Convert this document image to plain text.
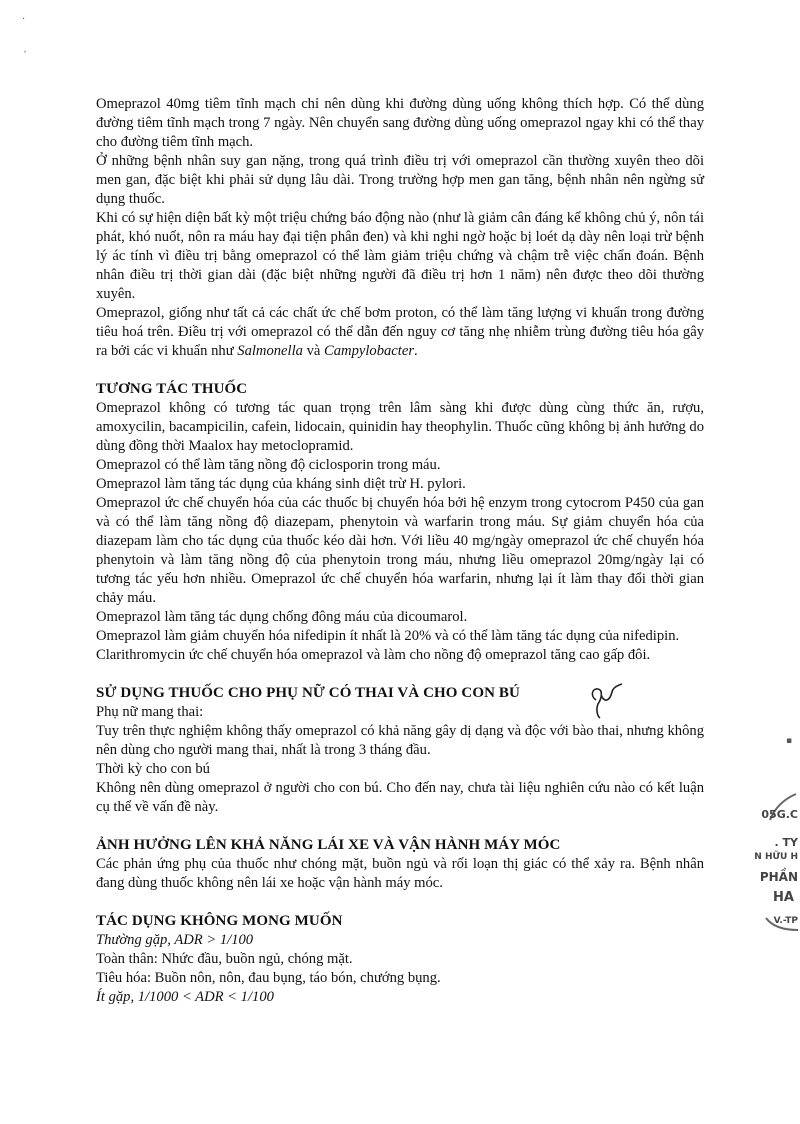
·
ˏ

Omeprazol 40mg tiêm tĩnh mạch chỉ nên dùng khi đường dùng uống không thích hợp. Có thể dùng đường tiêm tĩnh mạch trong 7 ngày. Nên chuyển sang đường dùng uống omeprazol ngay khi có thể thay cho đường tiêm tĩnh mạch.

Ở những bệnh nhân suy gan nặng, trong quá trình điều trị với omeprazol cần thường xuyên theo dõi men gan, đặc biệt khi phải sử dụng lâu dài. Trong trường hợp men gan tăng, bệnh nhân nên ngừng sử dụng thuốc.

Khi có sự hiện diện bất kỳ một triệu chứng báo động nào (như là giảm cân đáng kể không chủ ý, nôn tái phát, khó nuốt, nôn ra máu hay đại tiện phân đen) và khi nghi ngờ hoặc bị loét dạ dày nên loại trừ bệnh lý ác tính vì điều trị bằng omeprazol có thể làm giảm triệu chứng và chậm trễ việc chẩn đoán. Bệnh nhân điều trị thời gian dài (đặc biệt những người đã điều trị hơn 1 năm) nên được theo dõi thường xuyên.

Omeprazol, giống như tất cả các chất ức chế bơm proton, có thể làm tăng lượng vi khuẩn trong đường tiêu hoá trên. Điều trị với omeprazol có thể dẫn đến nguy cơ tăng nhẹ nhiễm trùng đường tiêu hóa gây ra bởi các vi khuẩn như Salmonella và Campylobacter.

TƯƠNG TÁC THUỐC

Omeprazol không có tương tác quan trọng trên lâm sàng khi được dùng cùng thức ăn, rượu, amoxycilin, bacampicilin, cafein, lidocain, quinidin hay theophylin. Thuốc cũng không bị ảnh hưởng do dùng đồng thời Maalox hay metoclopramid.

Omeprazol có thể làm tăng nồng độ ciclosporin trong máu.

Omeprazol làm tăng tác dụng của kháng sinh diệt trừ H. pylori.

Omeprazol ức chế chuyển hóa của các thuốc bị chuyển hóa bởi hệ enzym trong cytocrom P450 của gan và có thể làm tăng nồng độ diazepam, phenytoin và warfarin trong máu. Sự giảm chuyển hóa của diazepam làm cho tác dụng của thuốc kéo dài hơn. Với liều 40 mg/ngày omeprazol ức chế chuyển hóa phenytoin và làm tăng nồng độ của phenytoin trong máu, nhưng liều omeprazol 20mg/ngày lại có tương tác yếu hơn nhiều. Omeprazol ức chế chuyển hóa warfarin, nhưng lại ít làm thay đổi thời gian chảy máu.

Omeprazol làm tăng tác dụng chống đông máu của dicoumarol.

Omeprazol làm giảm chuyển hóa nifedipin ít nhất là 20% và có thể làm tăng tác dụng của nifedipin.

Clarithromycin ức chế chuyển hóa omeprazol và làm cho nồng độ omeprazol tăng cao gấp đôi.

SỬ DỤNG THUỐC CHO PHỤ NỮ CÓ THAI VÀ CHO CON BÚ

Phụ nữ mang thai:

Tuy trên thực nghiệm không thấy omeprazol có khả năng gây dị dạng và độc với bào thai, nhưng không nên dùng cho người mang thai, nhất là trong 3 tháng đầu.

Thời kỳ cho con bú

Không nên dùng omeprazol ở người cho con bú. Cho đến nay, chưa tài liệu nghiên cứu nào có kết luận cụ thể về vấn đề này.

ẢNH HƯỞNG LÊN KHẢ NĂNG LÁI XE VÀ VẬN HÀNH MÁY MÓC

Các phản ứng phụ của thuốc như chóng mặt, buồn ngủ và rối loạn thị giác có thể xảy ra. Bệnh nhân đang dùng thuốc không nên lái xe hoặc vận hành máy móc.

TÁC DỤNG KHÔNG MONG MUỐN

Thường gặp, ADR > 1/100

Toàn thân: Nhức đầu, buồn ngủ, chóng mặt.

Tiêu hóa: Buồn nôn, nôn, đau bụng, táo bón, chướng bụng.

Ít gặp, 1/1000 < ADR < 1/100

05G.C
. TY
N HỮU H
PHẦN
HA
V.-TP
▪
